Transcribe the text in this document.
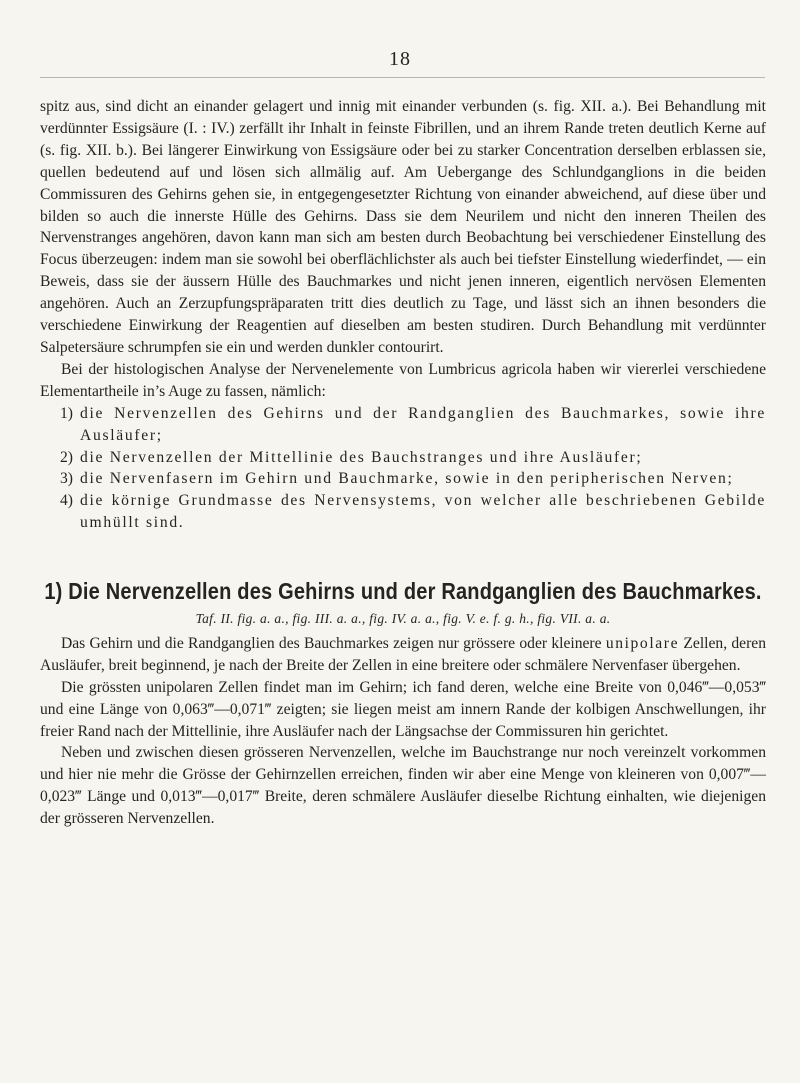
18

spitz aus, sind dicht an einander gelagert und innig mit einander verbunden (s. fig. XII. a.). Bei Behandlung mit verdünnter Essigsäure (I. : IV.) zerfällt ihr Inhalt in feinste Fibrillen, und an ihrem Rande treten deutlich Kerne auf (s. fig. XII. b.). Bei längerer Einwirkung von Essigsäure oder bei zu starker Concentration derselben erblassen sie, quellen bedeutend auf und lösen sich allmälig auf. Am Uebergange des Schlundganglions in die beiden Commissuren des Gehirns gehen sie, in entgegengesetzter Richtung von einander abweichend, auf diese über und bilden so auch die innerste Hülle des Gehirns. Dass sie dem Neurilem und nicht den inneren Theilen des Nervenstranges angehören, davon kann man sich am besten durch Beobachtung bei verschiedener Einstellung des Focus überzeugen: indem man sie sowohl bei oberflächlichster als auch bei tiefster Einstellung wiederfindet, — ein Beweis, dass sie der äussern Hülle des Bauchmarkes und nicht jenen inneren, eigentlich nervösen Elementen angehören. Auch an Zerzupfungspräparaten tritt dies deutlich zu Tage, und lässt sich an ihnen besonders die verschiedene Einwirkung der Reagentien auf dieselben am besten studiren. Durch Behandlung mit verdünnter Salpetersäure schrumpfen sie ein und werden dunkler contourirt.

Bei der histologischen Analyse der Nervenelemente von Lumbricus agricola haben wir viererlei verschiedene Elementartheile in’s Auge zu fassen, nämlich:

1) die Nervenzellen des Gehirns und der Randganglien des Bauchmarkes, sowie ihre Ausläufer;
2) die Nervenzellen der Mittellinie des Bauchstranges und ihre Ausläufer;
3) die Nervenfasern im Gehirn und Bauchmarke, sowie in den peripherischen Nerven;
4) die körnige Grundmasse des Nervensystems, von welcher alle beschriebenen Gebilde umhüllt sind.
1) Die Nervenzellen des Gehirns und der Randganglien des Bauchmarkes.
Taf. II. fig. a. a., fig. III. a. a., fig. IV. a. a., fig. V. e. f. g. h., fig. VII. a. a.

Das Gehirn und die Randganglien des Bauchmarkes zeigen nur grössere oder kleinere unipolare Zellen, deren Ausläufer, breit beginnend, je nach der Breite der Zellen in eine breitere oder schmälere Nervenfaser übergehen.

Die grössten unipolaren Zellen findet man im Gehirn; ich fand deren, welche eine Breite von 0,046‴—0,053‴ und eine Länge von 0,063‴—0,071‴ zeigten; sie liegen meist am innern Rande der kolbigen Anschwellungen, ihr freier Rand nach der Mittellinie, ihre Ausläufer nach der Längsachse der Commissuren hin gerichtet.

Neben und zwischen diesen grösseren Nervenzellen, welche im Bauchstrange nur noch vereinzelt vorkommen und hier nie mehr die Grösse der Gehirnzellen erreichen, finden wir aber eine Menge von kleineren von 0,007‴—0,023‴ Länge und 0,013‴—0,017‴ Breite, deren schmälere Ausläufer dieselbe Richtung einhalten, wie diejenigen der grösseren Nervenzellen.
